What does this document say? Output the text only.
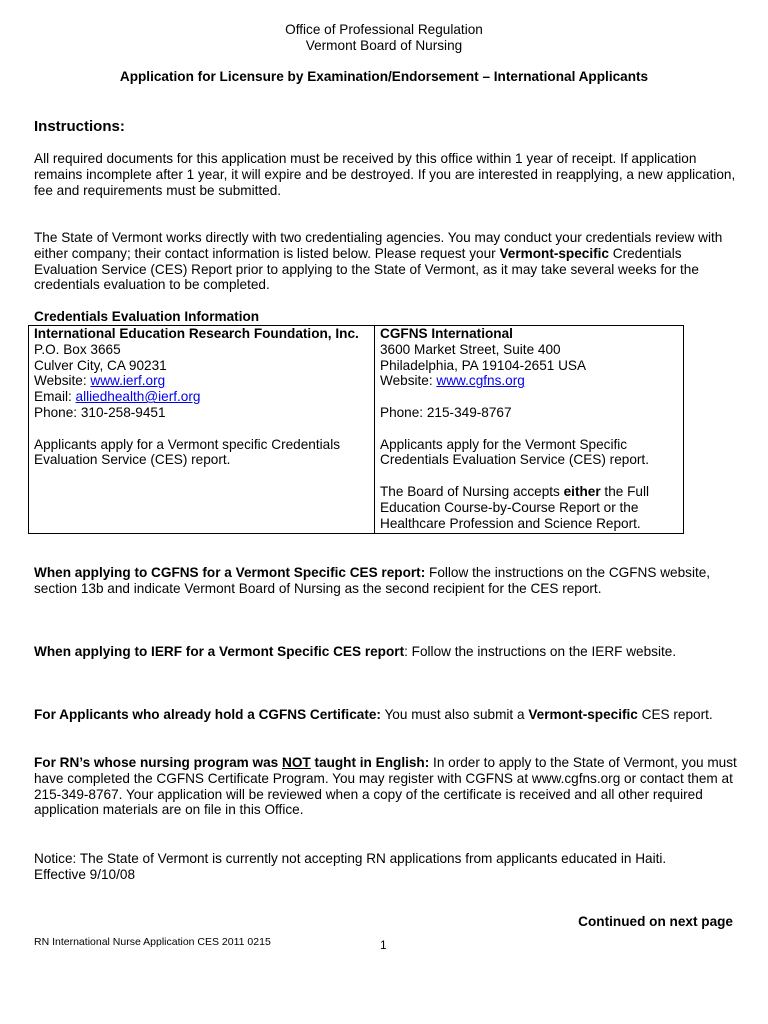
Office of Professional Regulation
Vermont Board of Nursing
Application for Licensure by Examination/Endorsement – International Applicants
Instructions:

All required documents for this application must be received by this office within 1 year of receipt. If application remains incomplete after 1 year, it will expire and be destroyed. If you are interested in reapplying, a new application, fee and requirements must be submitted.

The State of Vermont works directly with two credentialing agencies. You may conduct your credentials review with either company; their contact information is listed below. Please request your Vermont-specific Credentials Evaluation Service (CES) Report prior to applying to the State of Vermont, as it may take several weeks for the credentials evaluation to be completed.

Credentials Evaluation Information
International Education Research Foundation, Inc.
P.O. Box 3665
Culver City, CA 90231
Website: www.ierf.org
Email: alliedhealth@ierf.org
Phone: 310-258-9451
Applicants apply for a Vermont specific Credentials Evaluation Service (CES) report.

CGFNS International
3600 Market Street, Suite 400
Philadelphia, PA 19104-2651 USA
Website: www.cgfns.org
Phone: 215-349-8767
Applicants apply for the Vermont Specific Credentials Evaluation Service (CES) report.
The Board of Nursing accepts either the Full Education Course-by-Course Report or the Healthcare Profession and Science Report.

When applying to CGFNS for a Vermont Specific CES report: Follow the instructions on the CGFNS website, section 13b and indicate Vermont Board of Nursing as the second recipient for the CES report.

When applying to IERF for a Vermont Specific CES report: Follow the instructions on the IERF website.

For Applicants who already hold a CGFNS Certificate: You must also submit a Vermont-specific CES report.

For RN’s whose nursing program was NOT taught in English: In order to apply to the State of Vermont, you must have completed the CGFNS Certificate Program. You may register with CGFNS at www.cgfns.org or contact them at 215-349-8767. Your application will be reviewed when a copy of the certificate is received and all other required application materials are on file in this Office.

Notice: The State of Vermont is currently not accepting RN applications from applicants educated in Haiti.
Effective 9/10/08
Continued on next page
RN International Nurse Application CES 2011 0215	1
